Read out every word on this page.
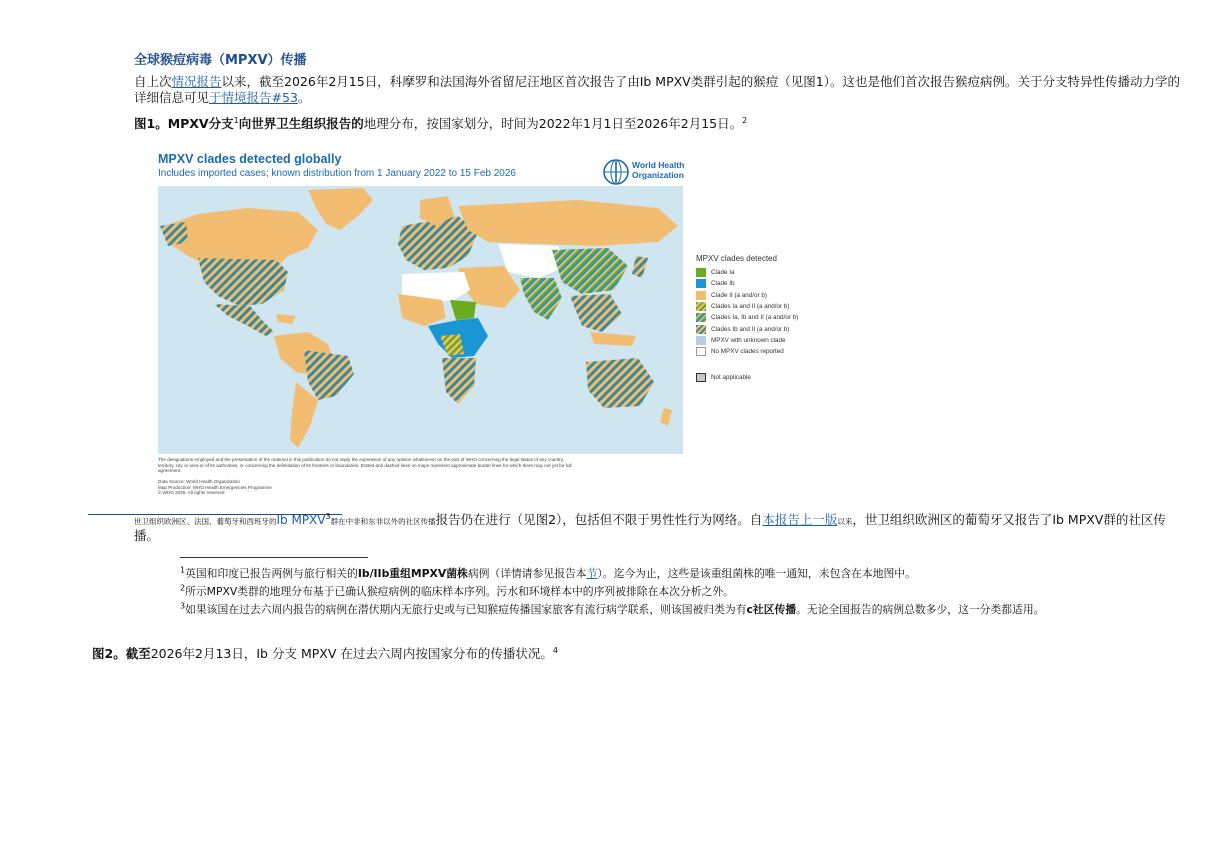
全球猴痘病毒（MPXV）传播
自上次情况报告以来，截至2026年2月15日，科摩罗和法国海外省留尼汪地区首次报告了由Ib MPXV类群引起的猴痘（见图1）。这也是他们首次报告猴痘病例。关于分支特异性传播动力学的详细信息可见于情境报告#53。
图1。MPXV分支$^1$向世界卫生组织报告的地理分布，按国家划分，时间为2022年1月1日至2026年2月15日。$^2$
MPXV clades detected globally
Includes imported cases; known distribution from 1 January 2022 to 15 Feb 2026
World Health
Organization
The designations employed and the presentation of the material in this publication do not imply the expression of any opinion whatsoever on the part of WHO concerning the legal status of any country, territory, city or area or of its authorities, or concerning the delimitation of its frontiers or boundaries. Dotted and dashed lines on maps represent approximate border lines for which there may not yet be full agreement.
Data Source: World Health Organization
Map Production: WHO Health Emergencies Programme
© WHO 2026. All rights reserved
MPXV clades detected
Clade Ia
Clade Ib
Clade II (a and/or b)
Clades Ia and II (a and/or b)
Clades Ia, Ib and II (a and/or b)
Clades Ib and II (a and/or b)
MPXV with unknown clade
No MPXV clades reported
Not applicable
世卫组织欧洲区、法国、葡萄牙和西班牙的Ib MPXV$^3$群在中非和东非以外的社区传播报告仍在进行（见图2），包括但不限于男性性行为网络。自本报告上一版以来，世卫组织欧洲区的葡萄牙又报告了Ib MPXV群的社区传播。
$^1$英国和印度已报告两例与旅行相关的Ib/IIb重组MPXV菌株病例（详情请参见报告本节）。迄今为止，这些是该重组菌株的唯一通知，未包含在本地图中。
$^2$所示MPXV类群的地理分布基于已确认猴痘病例的临床样本序列。污水和环境样本中的序列被排除在本次分析之外。
$^3$如果该国在过去六周内报告的病例在潜伏期内无旅行史或与已知猴痘传播国家旅客有流行病学联系，则该国被归类为有c社区传播。无论全国报告的病例总数多少，这一分类都适用。
图2。截至2026年2月13日，Ib 分支 MPXV 在过去六周内按国家分布的传播状况。$^4$
